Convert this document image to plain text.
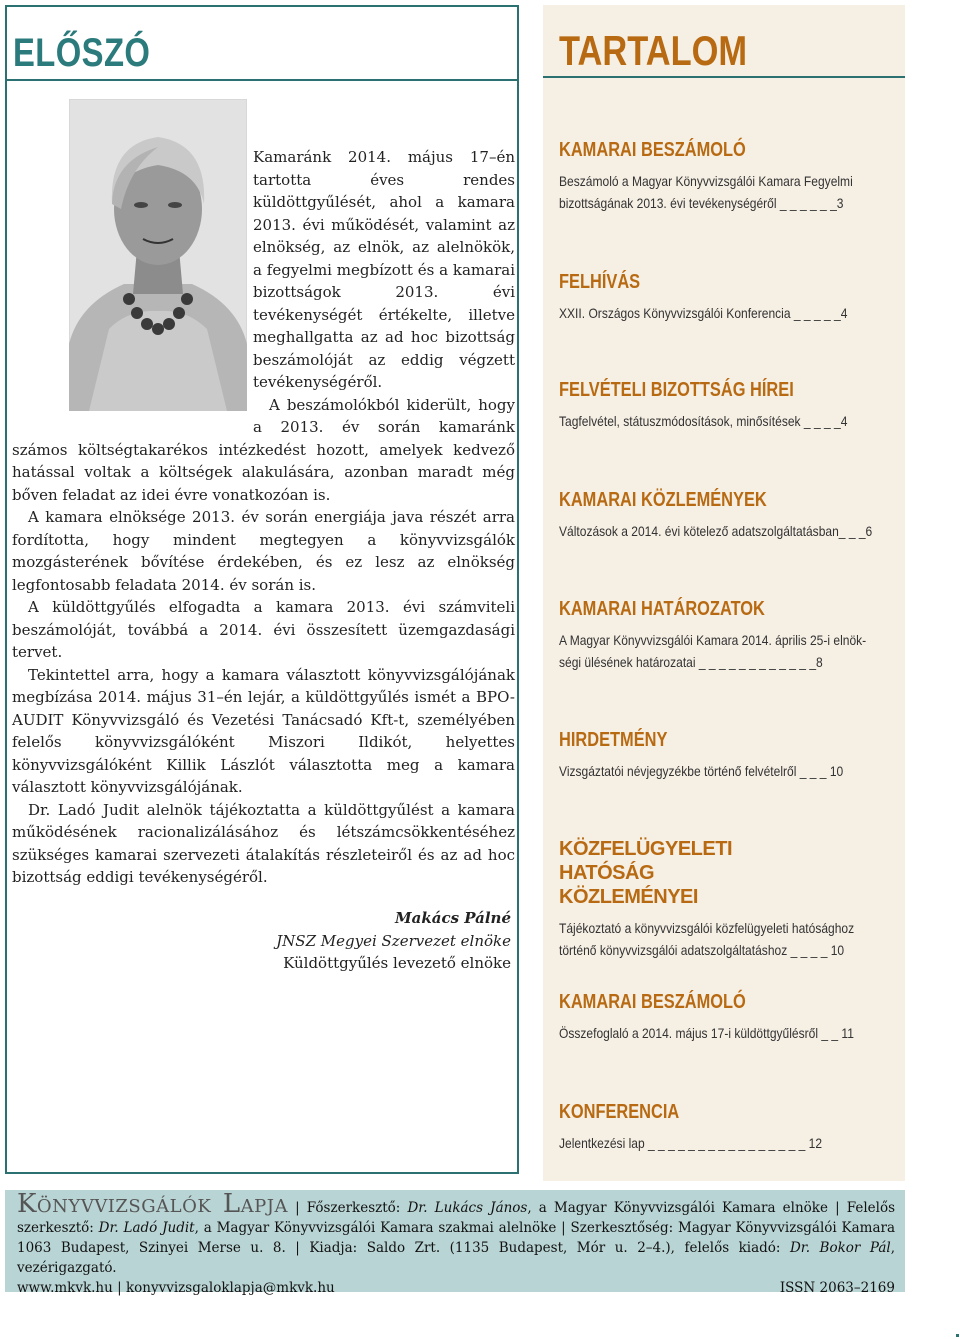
ELŐSZÓ

Kamaránk 2014. május 17–én tartotta éves rendes küldöttgyűlését, ahol a kamara 2013. évi működését, valamint az elnökség, az elnök, az alelnökök, a fegyelmi megbízott és a kamarai bizottságok 2013. évi tevékenységét értékelte, illetve meghallgatta az ad hoc bizottság beszámolóját az eddig végzett tevékenységéről.

A beszámolókból kiderült, hogy a 2013. év során kamaránk számos költségtakarékos intézkedést hozott, amelyek kedvező hatással voltak a költségek alakulására, azonban maradt még bőven feladat az idei évre vonatkozóan is.

A kamara elnöksége 2013. év során energiája java részét arra fordította, hogy mindent megtegyen a könyvvizsgálók mozgásterének bővítése érdekében, és ez lesz az elnökség legfontosabb feladata 2014. év során is.

A küldöttgyűlés elfogadta a kamara 2013. évi számviteli beszámolóját, továbbá a 2014. évi összesített üzemgazdasági tervet.

Tekintettel arra, hogy a kamara választott könyvvizsgálójának megbízása 2014. május 31–én lejár, a küldöttgyűlés ismét a BPO-AUDIT Könyvvizsgáló és Vezetési Tanácsadó Kft-t, személyében felelős könyvvizsgálóként Miszori Ildikót, helyettes könyvvizsgálóként Killik Lászlót választotta meg a kamara választott könyvvizsgálójának.

Dr. Ladó Judit alelnök tájékoztatta a küldöttgyűlést a kamara működésének racionalizálásához és létszámcsökkentéséhez szükséges kamarai szervezeti átalakítás részleteiről és az ad hoc bizottság eddigi tevékenységéről.

Makács Pálné
JNSZ Megyei Szervezet elnöke
Küldöttgyűlés levezető elnöke
TARTALOM
KAMARAI BESZÁMOLÓ
Beszámoló a Magyar Könyvvizsgálói Kamara Fegyelmi
bizottságának 2013. évi tevékenységéről _ _ _ _ _ _3
FELHÍVÁS
XXII. Országos Könyvvizsgálói Konferencia _ _ _ _ _4
FELVÉTELI BIZOTTSÁG HÍREI
Tagfelvétel, státuszmódosítások, minősítések _ _ _ _4
KAMARAI KÖZLEMÉNYEK
Változások a 2014. évi kötelező adatszolgáltatásban_ _ _6
KAMARAI HATÁROZATOK
A Magyar Könyvvizsgálói Kamara 2014. április 25-i elnök-
ségi ülésének határozatai _ _ _ _ _ _ _ _ _ _ _ _8
HIRDETMÉNY
Vizsgáztatói névjegyzékbe történő felvételről _ _ _ 10
KÖZFELÜGYELETI HATÓSÁG KÖZLEMÉNYEI
Tájékoztató a könyvvizsgálói közfelügyeleti hatósághoz
történő könyvvizsgálói adatszolgáltatáshoz _ _ _ _ 10
KAMARAI BESZÁMOLÓ
Összefoglaló a 2014. május 17-i küldöttgyűlésről _ _ 11
KONFERENCIA
Jelentkezési lap _ _ _ _ _ _ _ _ _ _ _ _ _ _ _ _ 12
Könyvvizsgálók Lapja | Főszerkesztő: Dr. Lukács János, a Magyar Könyvvizsgálói Kamara elnöke | Felelős szerkesztő: Dr. Ladó Judit, a Magyar Könyvvizsgálói Kamara szakmai alelnöke | Szerkesztőség: Magyar Könyvvizsgálói Kamara 1063 Budapest, Szinyei Merse u. 8. | Kiadja: Saldo Zrt. (1135 Budapest, Mór u. 2–4.), felelős kiadó: Dr. Bokor Pál, vezérigazgató.
www.mkvk.hu | konyvvizsgaloklapja@mkvk.hu	ISSN 2063–2169
